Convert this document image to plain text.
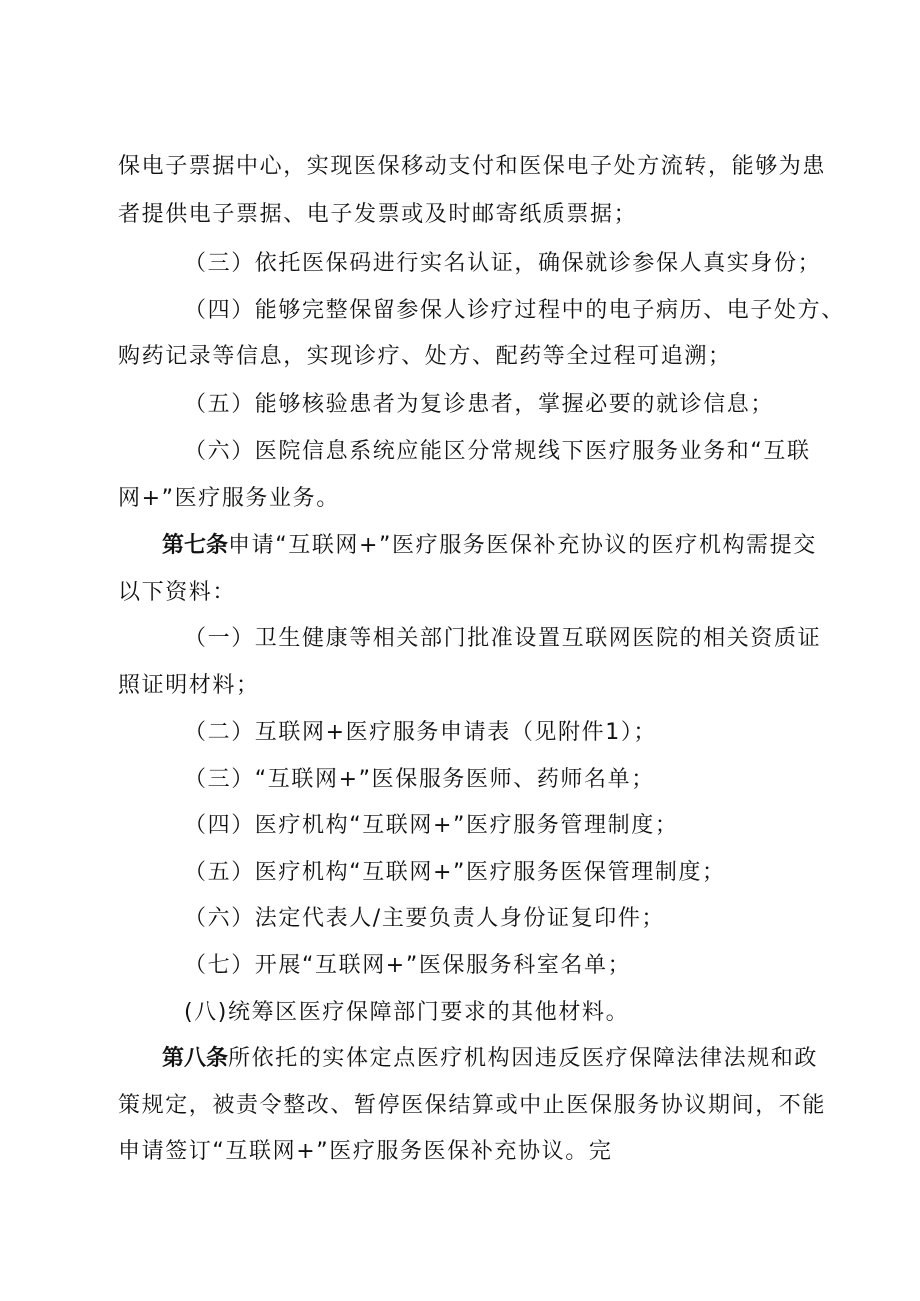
保电子票据中心，实现医保移动支付和医保电子处方流转，能够为患
者提供电子票据、电子发票或及时邮寄纸质票据；
（三）依托医保码进行实名认证，确保就诊参保人真实身份；
（四）能够完整保留参保人诊疗过程中的电子病历、电子处方、
购药记录等信息，实现诊疗、处方、配药等全过程可追溯；
（五）能够核验患者为复诊患者，掌握必要的就诊信息；
（六）医院信息系统应能区分常规线下医疗服务业务和“互联
网+”医疗服务业务。
第七条申请“互联网+”医疗服务医保补充协议的医疗机构需提交
以下资料：
（一）卫生健康等相关部门批准设置互联网医院的相关资质证
照证明材料；
（二）互联网+医疗服务申请表（见附件1）；
（三）“互联网+”医保服务医师、药师名单；
（四）医疗机构“互联网+”医疗服务管理制度；
（五）医疗机构“互联网+”医疗服务医保管理制度；
（六）法定代表人/主要负责人身份证复印件；
（七）开展“互联网+”医保服务科室名单；
(八)统筹区医疗保障部门要求的其他材料。
第八条所依托的实体定点医疗机构因违反医疗保障法律法规和政
策规定，被责令整改、暂停医保结算或中止医保服务协议期间，不能
申请签订“互联网+”医疗服务医保补充协议。完
